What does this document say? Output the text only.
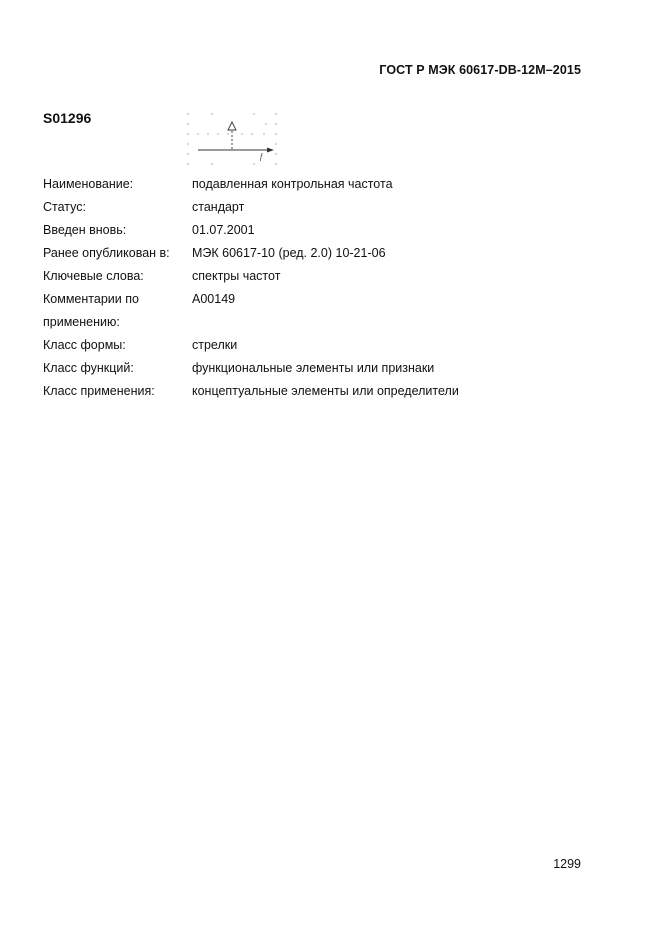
ГОСТ Р МЭК 60617-DB-12M–2015
S01296
f
Наименование:	подавленная контрольная частота
Статус:	стандарт
Введен вновь:	01.07.2001
Ранее опубликован в:	МЭК 60617-10 (ред. 2.0) 10-21-06
Ключевые слова:	спектры частот
Комментарии по применению:
A00149
Класс формы:	стрелки
Класс функций:	функциональные элементы или признаки
Класс применения:	концептуальные элементы или определители
1299
